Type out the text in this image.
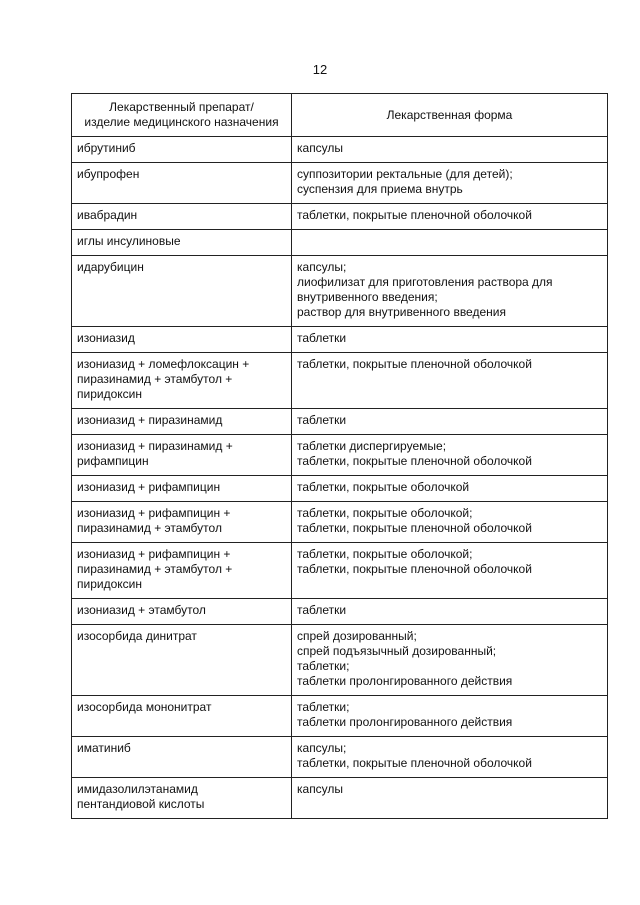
12
Лекарственный препарат/
изделие медицинского назначения	Лекарственная форма

ибрутиниб	капсулы

ибупрофен	суппозитории ректальные (для детей);
суспензия для приема внутрь

ивабрадин	таблетки, покрытые пленочной оболочкой

иглы инсулиновые	

идарубицин	капсулы;
лиофилизат для приготовления раствора для
внутривенного введения;
раствор для внутривенного введения

изониазид	таблетки

изониазид + ломефлоксацин +
пиразинамид + этамбутол +
пиридоксин	таблетки, покрытые пленочной оболочкой

изониазид + пиразинамид	таблетки

изониазид + пиразинамид +
рифампицин	таблетки диспергируемые;
таблетки, покрытые пленочной оболочкой

изониазид + рифампицин	таблетки, покрытые оболочкой

изониазид + рифампицин +
пиразинамид + этамбутол	таблетки, покрытые оболочкой;
таблетки, покрытые пленочной оболочкой

изониазид + рифампицин +
пиразинамид + этамбутол +
пиридоксин	таблетки, покрытые оболочкой;
таблетки, покрытые пленочной оболочкой

изониазид + этамбутол	таблетки

изосорбида динитрат	спрей дозированный;
спрей подъязычный дозированный;
таблетки;
таблетки пролонгированного действия

изосорбида мононитрат	таблетки;
таблетки пролонгированного действия

иматиниб	капсулы;
таблетки, покрытые пленочной оболочкой

имидазолилэтанамид
пентандиовой кислоты	капсулы
